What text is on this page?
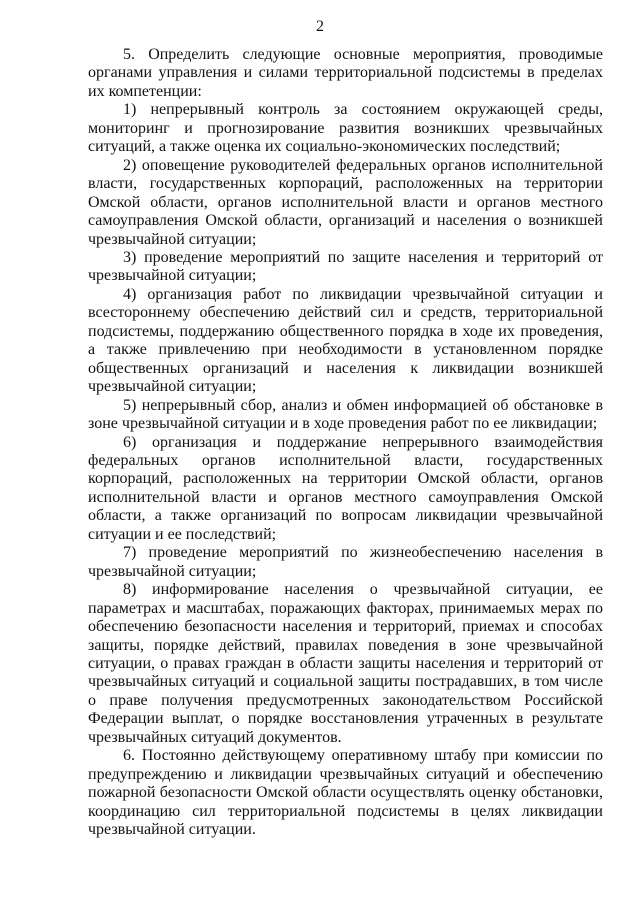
2

5. Определить следующие основные мероприятия, проводимые органами управления и силами территориальной подсистемы в пределах их компетенции:

1) непрерывный контроль за состоянием окружающей среды, мониторинг и прогнозирование развития возникших чрезвычайных ситуаций, а также оценка их социально-экономических последствий;

2) оповещение руководителей федеральных органов исполнительной власти, государственных корпораций, расположенных на территории Омской области, органов исполнительной власти и органов местного самоуправления Омской области, организаций и населения о возникшей чрезвычайной ситуации;

3) проведение мероприятий по защите населения и территорий от чрезвычайной ситуации;

4) организация работ по ликвидации чрезвычайной ситуации и всестороннему обеспечению действий сил и средств, территориальной подсистемы, поддержанию общественного порядка в ходе их проведения, а также привлечению при необходимости в установленном порядке общественных организаций и населения к ликвидации возникшей чрезвычайной ситуации;

5) непрерывный сбор, анализ и обмен информацией об обстановке в зоне чрезвычайной ситуации и в ходе проведения работ по ее ликвидации;

6) организация и поддержание непрерывного взаимодействия федеральных органов исполнительной власти, государственных корпораций, расположенных на территории Омской области, органов исполнительной власти и органов местного самоуправления Омской области, а также организаций по вопросам ликвидации чрезвычайной ситуации и ее последствий;

7) проведение мероприятий по жизнеобеспечению населения в чрезвычайной ситуации;

8) информирование населения о чрезвычайной ситуации, ее параметрах и масштабах, поражающих факторах, принимаемых мерах по обеспечению безопасности населения и территорий, приемах и способах защиты, порядке действий, правилах поведения в зоне чрезвычайной ситуации, о правах граждан в области защиты населения и территорий от чрезвычайных ситуаций и социальной защиты пострадавших, в том числе о праве получения предусмотренных законодательством Российской Федерации выплат, о порядке восстановления утраченных в результате чрезвычайных ситуаций документов.

6. Постоянно действующему оперативному штабу при комиссии по предупреждению и ликвидации чрезвычайных ситуаций и обеспечению пожарной безопасности Омской области осуществлять оценку обстановки, координацию сил территориальной подсистемы в целях ликвидации чрезвычайной ситуации.
